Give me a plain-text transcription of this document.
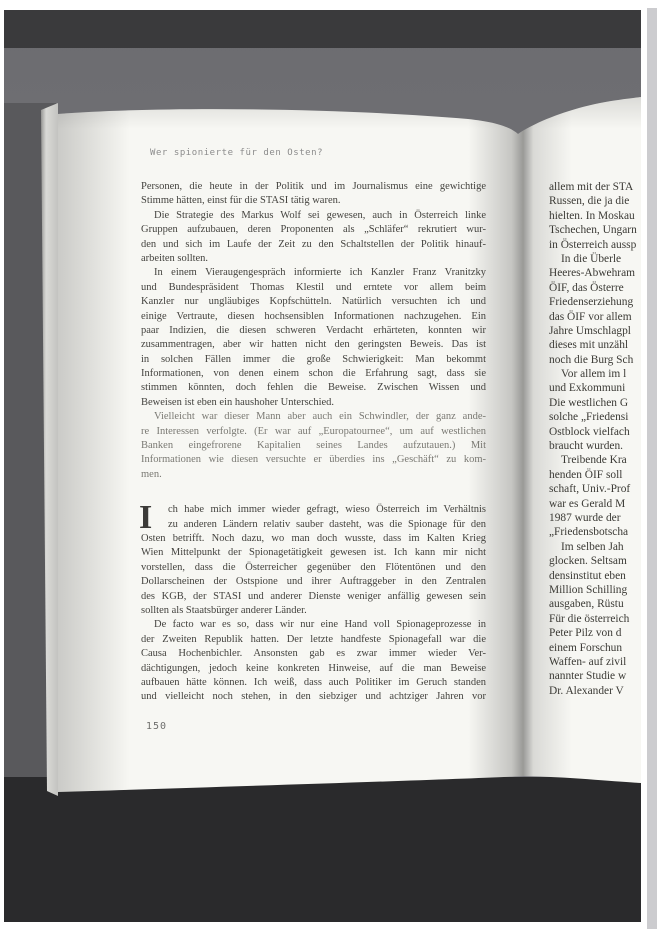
Wer spionierte für den Osten?
Personen, die heute in der Politik und im Journalismus eine gewichtige
Stimme hätten, einst für die STASI tätig waren.
Die Strategie des Markus Wolf sei gewesen, auch in Österreich linke
Gruppen aufzubauen, deren Proponenten als „Schläfer“ rekrutiert wur-
den und sich im Laufe der Zeit zu den Schaltstellen der Politik hinauf-
arbeiten sollten.
In einem Vieraugengespräch informierte ich Kanzler Franz Vranitzky
und Bundespräsident Thomas Klestil und erntete vor allem beim
Kanzler nur ungläubiges Kopfschütteln. Natürlich versuchten ich und
einige Vertraute, diesen hochsensiblen Informationen nachzugehen. Ein
paar Indizien, die diesen schweren Verdacht erhärteten, konnten wir
zusammentragen, aber wir hatten nicht den geringsten Beweis. Das ist
in solchen Fällen immer die große Schwierigkeit: Man bekommt
Informationen, von denen einem schon die Erfahrung sagt, dass sie
stimmen könnten, doch fehlen die Beweise. Zwischen Wissen und
Beweisen ist eben ein haushoher Unterschied.
Vielleicht war dieser Mann aber auch ein Schwindler, der ganz ande-
re Interessen verfolgte. (Er war auf „Europatournee“, um auf westlichen
Banken eingefrorene Kapitalien seines Landes aufzutauen.) Mit
Informationen wie diesen versuchte er überdies ins „Geschäft“ zu kom-
men.
ch habe mich immer wieder gefragt, wieso Österreich im Verhältnis
zu anderen Ländern relativ sauber dasteht, was die Spionage für den
Osten betrifft. Noch dazu, wo man doch wusste, dass im Kalten Krieg
Wien Mittelpunkt der Spionagetätigkeit gewesen ist. Ich kann mir nicht
vorstellen, dass die Österreicher gegenüber den Flötentönen und den
Dollarscheinen der Ostspione und ihrer Auftraggeber in den Zentralen
des KGB, der STASI und anderer Dienste weniger anfällig gewesen sein
sollten als Staatsbürger anderer Länder.
De facto war es so, dass wir nur eine Hand voll Spionageprozesse in
der Zweiten Republik hatten. Der letzte handfeste Spionagefall war die
Causa Hochenbichler. Ansonsten gab es zwar immer wieder Ver-
dächtigungen, jedoch keine konkreten Hinweise, auf die man Beweise
aufbauen hätte können. Ich weiß, dass auch Politiker im Geruch standen
und vielleicht noch stehen, in den siebziger und achtziger Jahren vor
I
150
allem mit der STA
Russen, die ja die
hielten. In Moskau
Tschechen, Ungarn
in Österreich aussp
In die Überle
Heeres-Abwehram
ÖIF, das Österre
Friedenserziehung
das ÖIF vor allem
Jahre Umschlagpl
dieses mit unzähl
noch die Burg Sch
Vor allem im l
und Exkommuni
Die westlichen G
solche „Friedensi
Ostblock vielfach
braucht wurden.
Treibende Kra
henden ÖIF soll
schaft, Univ.-Prof
war es Gerald M
1987 wurde der
„Friedensbotscha
Im selben Jah
glocken. Seltsam
densinstitut eben
Million Schilling
ausgaben, Rüstu
Für die österreich
Peter Pilz von d
einem Forschun
Waffen- auf zivil
nannter Studie w
Dr. Alexander V
